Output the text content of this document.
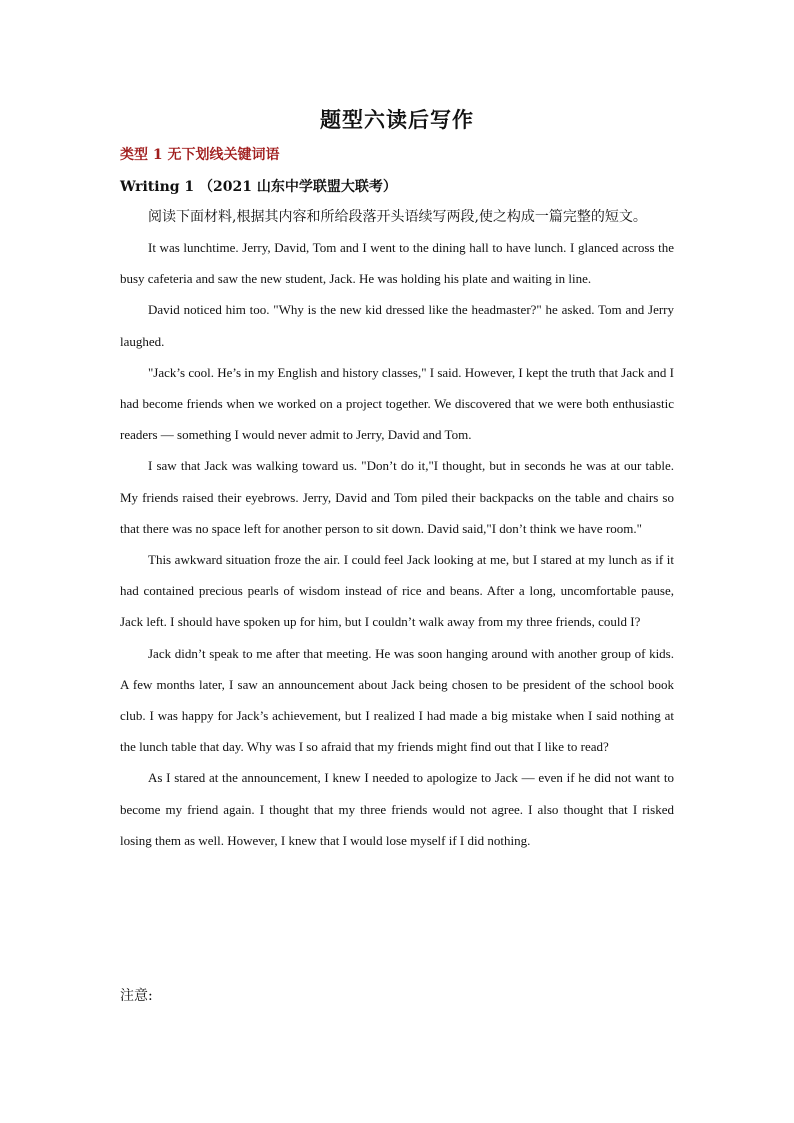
题型六读后写作
类型 1 无下划线关键词语
Writing 1 （2021 山东中学联盟大联考）
阅读下面材料,根据其内容和所给段落开头语续写两段,使之构成一篇完整的短文。

It was lunchtime. Jerry, David, Tom and I went to the dining hall to have lunch. I glanced across the busy cafeteria and saw the new student, Jack. He was holding his plate and waiting in line.

David noticed him too. "Why is the new kid dressed like the headmaster?" he asked. Tom and Jerry laughed.

"Jack’s cool. He’s in my English and history classes," I said. However, I kept the truth that Jack and I had become friends when we worked on a project together. We discovered that we were both enthusiastic readers — something I would never admit to Jerry, David and Tom.

I saw that Jack was walking toward us. "Don’t do it,"I thought, but in seconds he was at our table. My friends raised their eyebrows. Jerry, David and Tom piled their backpacks on the table and chairs so that there was no space left for another person to sit down. David said,"I don’t think we have room."

This awkward situation froze the air. I could feel Jack looking at me, but I stared at my lunch as if it had contained precious pearls of wisdom instead of rice and beans. After a long, uncomfortable pause, Jack left. I should have spoken up for him, but I couldn’t walk away from my three friends, could I?

Jack didn’t speak to me after that meeting. He was soon hanging around with another group of kids. A few months later, I saw an announcement about Jack being chosen to be president of the school book club. I was happy for Jack’s achievement, but I realized I had made a big mistake when I said nothing at the lunch table that day. Why was I so afraid that my friends might find out that I like to read?

As I stared at the announcement, I knew I needed to apologize to Jack — even if he did not want to become my friend again. I thought that my three friends would not agree. I also thought that I risked losing them as well. However, I knew that I would lose myself if I did nothing.

注意:
